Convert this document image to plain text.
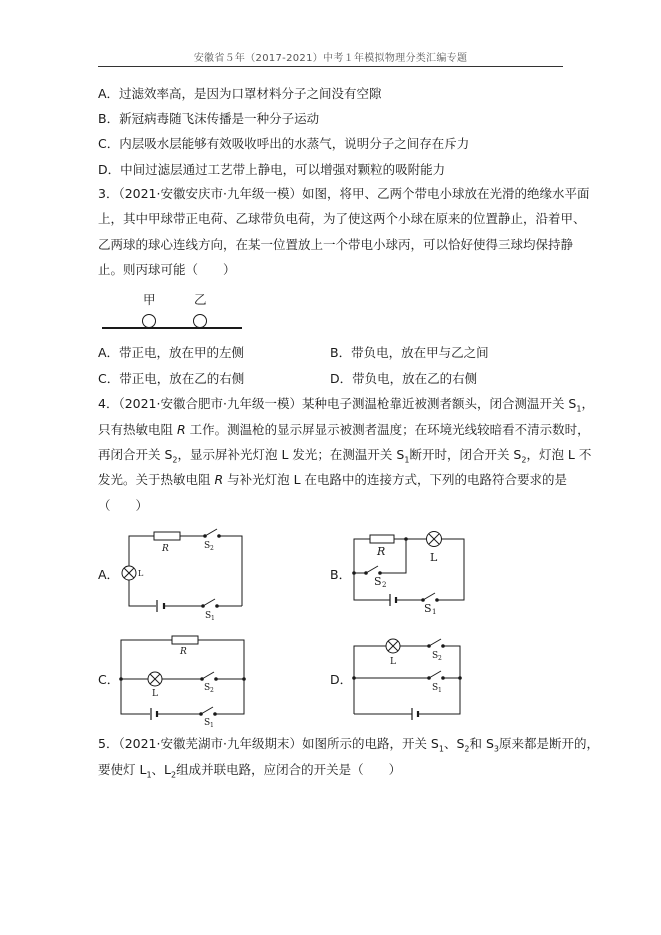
安徽省５年（2017-2021）中考１年模拟物理分类汇编专题
A．过滤效率高，是因为口罩材料分子之间没有空隙
B．新冠病毒随飞沫传播是一种分子运动
C．内层吸水层能够有效吸收呼出的水蒸气，说明分子之间存在斥力
D．中间过滤层通过工艺带上静电，可以增强对颗粒的吸附能力
3．（2021·安徽安庆市·九年级一模）如图，将甲、乙两个带电小球放在光滑的绝缘水平面
上，其中甲球带正电荷、乙球带负电荷，为了使这两个小球在原来的位置静止，沿着甲、
乙两球的球心连线方向，在某一位置放上一个带电小球丙，可以恰好使得三球均保持静
止。则丙球可能（　　）
甲	乙
A．带正电，放在甲的左侧	B．带负电，放在甲与乙之间
C．带正电，放在乙的右侧	D．带负电，放在乙的右侧
4．（2021·安徽合肥市·九年级一模）某种电子测温枪靠近被测者额头，闭合测温开关 $S_1$，
只有热敏电阻 R 工作。测温枪的显示屏显示被测者温度；在环境光线较暗看不清示数时，
再闭合开关 $S_2$，显示屏补光灯泡 L 发光；在测温开关 $S_1$断开时，闭合开关 $S_2$，灯泡 L 不
发光。关于热敏电阻 R 与补光灯泡 L 在电路中的连接方式，下列的电路符合要求的是
（　　）
A．
R	S 2
S 1
L	B．
R	L
S 2
S 1
C．
R
L
S 2
S 1
D．
L
S 2
S 1
5．（2021·安徽芜湖市·九年级期末）如图所示的电路，开关 $S_1$、$S_2$和 $S_3$原来都是断开的，
要使灯 $L_1$、$L_2$组成并联电路，应闭合的开关是（　　）
